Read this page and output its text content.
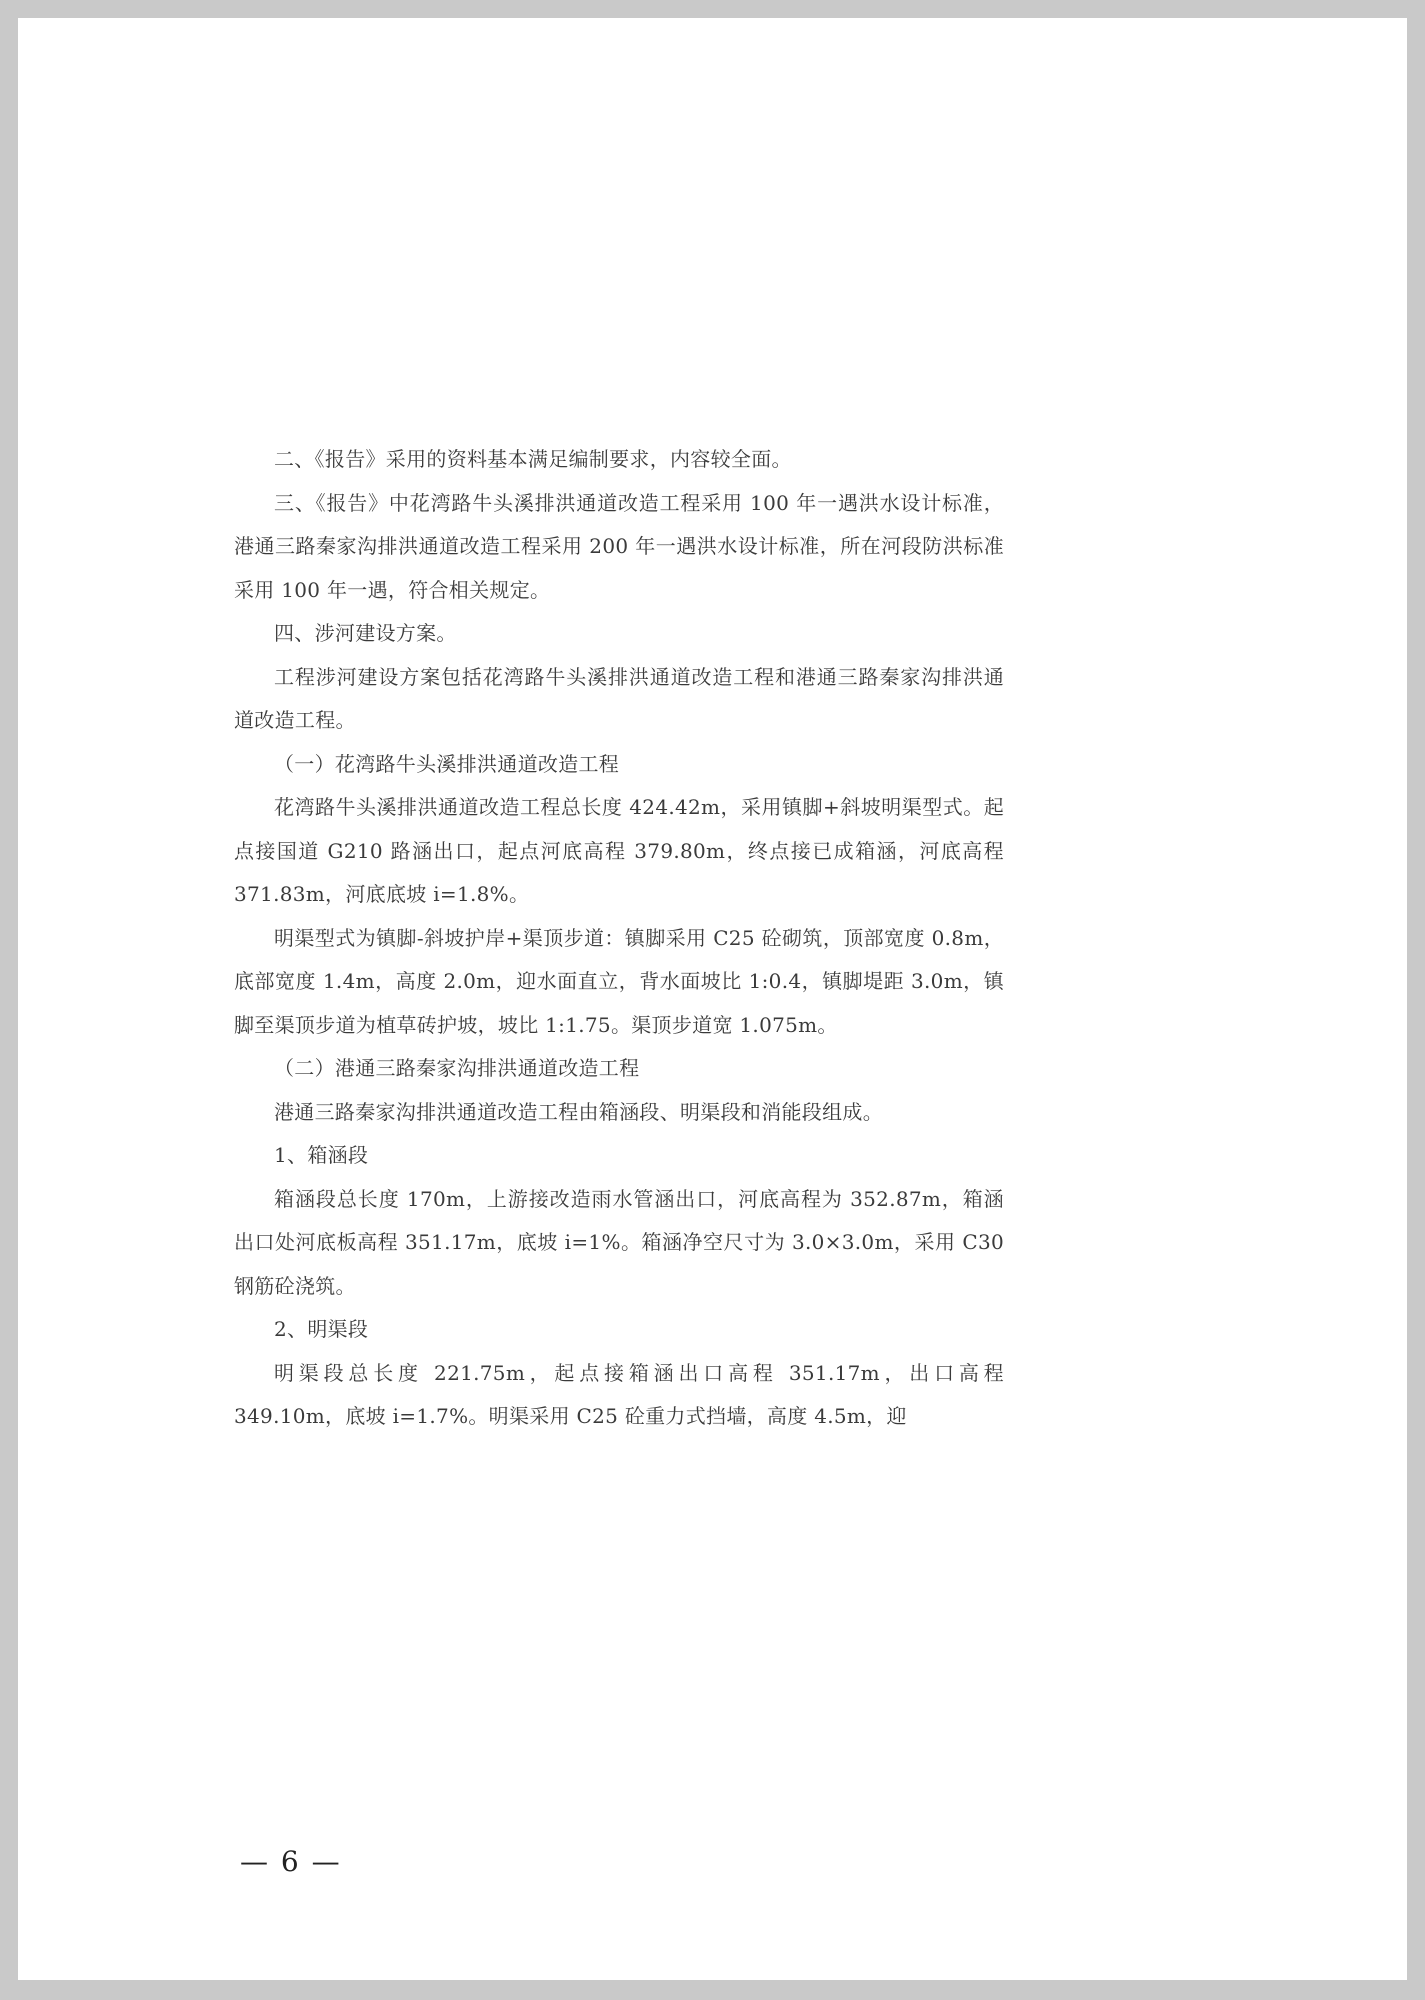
二、《报告》采用的资料基本满足编制要求，内容较全面。

三、《报告》中花湾路牛头溪排洪通道改造工程采用 100 年一遇洪水设计标准，港通三路秦家沟排洪通道改造工程采用 200 年一遇洪水设计标准，所在河段防洪标准采用 100 年一遇，符合相关规定。

四、涉河建设方案。

工程涉河建设方案包括花湾路牛头溪排洪通道改造工程和港通三路秦家沟排洪通道改造工程。

（一）花湾路牛头溪排洪通道改造工程

花湾路牛头溪排洪通道改造工程总长度 424.42m，采用镇脚+斜坡明渠型式。起点接国道 G210 路涵出口，起点河底高程 379.80m，终点接已成箱涵，河底高程 371.83m，河底底坡 i=1.8%。

明渠型式为镇脚-斜坡护岸+渠顶步道：镇脚采用 C25 砼砌筑，顶部宽度 0.8m，底部宽度 1.4m，高度 2.0m，迎水面直立，背水面坡比 1:0.4，镇脚堤距 3.0m，镇脚至渠顶步道为植草砖护坡，坡比 1:1.75。渠顶步道宽 1.075m。

（二）港通三路秦家沟排洪通道改造工程

港通三路秦家沟排洪通道改造工程由箱涵段、明渠段和消能段组成。

1、箱涵段

箱涵段总长度 170m，上游接改造雨水管涵出口，河底高程为 352.87m，箱涵出口处河底板高程 351.17m，底坡 i=1%。箱涵净空尺寸为 3.0×3.0m，采用 C30 钢筋砼浇筑。

2、明渠段

明渠段总长度 221.75m，起点接箱涵出口高程 351.17m，出口高程 349.10m，底坡 i=1.7%。明渠采用 C25 砼重力式挡墙，高度 4.5m，迎

— 6 —
